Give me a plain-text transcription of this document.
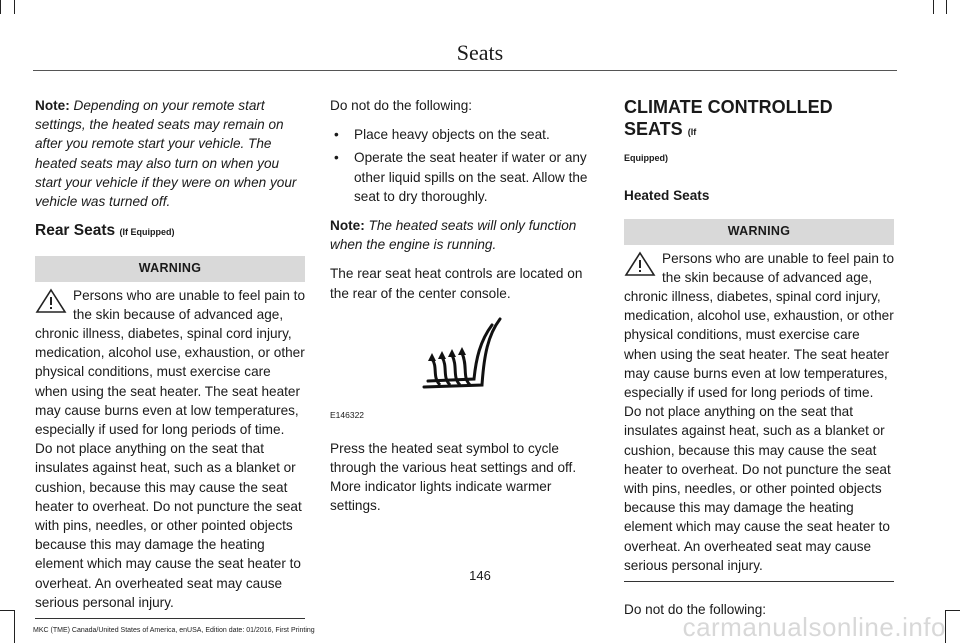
Seats

Note: Depending on your remote start settings, the heated seats may remain on after you remote start your vehicle. The heated seats may also turn on when you start your vehicle if they were on when your vehicle was turned off.

Rear Seats (If Equipped)
WARNING
Persons who are unable to feel pain to the skin because of advanced age, chronic illness, diabetes, spinal cord injury, medication, alcohol use, exhaustion, or other physical conditions, must exercise care when using the seat heater. The seat heater may cause burns even at low temperatures, especially if used for long periods of time. Do not place anything on the seat that insulates against heat, such as a blanket or cushion, because this may cause the seat heater to overheat. Do not puncture the seat with pins, needles, or other pointed objects because this may damage the heating element which may cause the seat heater to overheat. An overheated seat may cause serious personal injury.

Do not do the following:

• Place heavy objects on the seat.
• Operate the seat heater if water or any other liquid spills on the seat. Allow the seat to dry thoroughly.

Note: The heated seats will only function when the engine is running.

The rear seat heat controls are located on the rear of the center console.

E146322

Press the heated seat symbol to cycle through the various heat settings and off. More indicator lights indicate warmer settings.

CLIMATE CONTROLLED SEATS (If
Equipped)
Heated Seats
WARNING
Persons who are unable to feel pain to the skin because of advanced age, chronic illness, diabetes, spinal cord injury, medication, alcohol use, exhaustion, or other physical conditions, must exercise care when using the seat heater. The seat heater may cause burns even at low temperatures, especially if used for long periods of time. Do not place anything on the seat that insulates against heat, such as a blanket or cushion, because this may cause the seat heater to overheat. Do not puncture the seat with pins, needles, or other pointed objects because this may damage the heating element which may cause the seat heater to overheat. An overheated seat may cause serious personal injury.

Do not do the following:

146
MKC (TME) Canada/United States of America, enUSA, Edition date: 01/2016, First Printing	carmanualsonline.info
